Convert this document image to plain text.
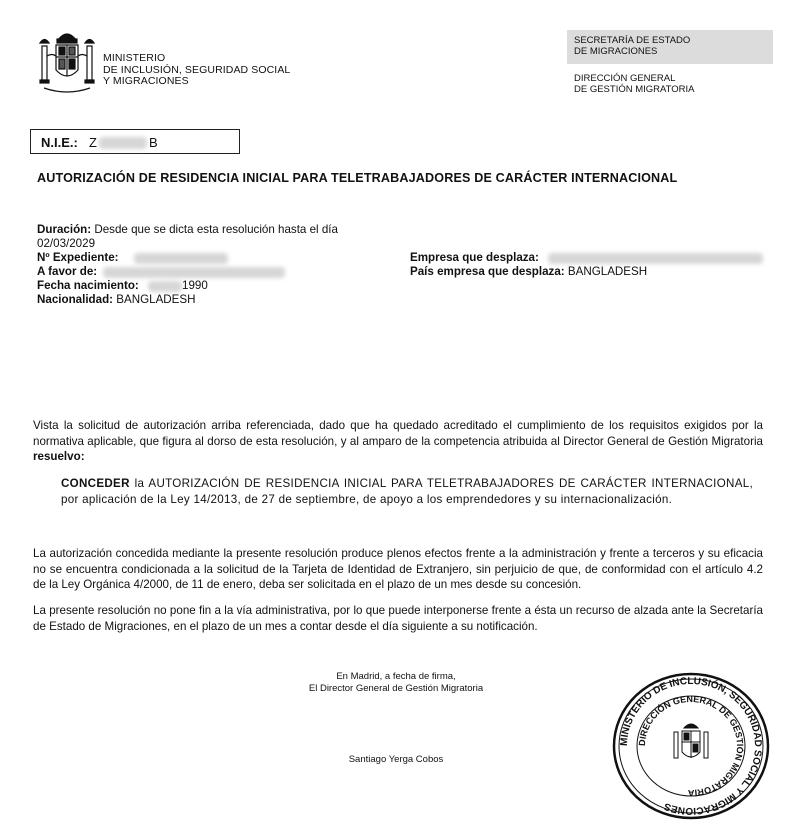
MINISTERIO
DE INCLUSIÓN, SEGURIDAD SOCIAL
Y MIGRACIONES
SECRETARÍA DE ESTADO
DE MIGRACIONES
DIRECCIÓN GENERAL
DE GESTIÓN MIGRATORIA
N.I.E.: Z	B
AUTORIZACIÓN DE RESIDENCIA INICIAL PARA TELETRABAJADORES DE CARÁCTER INTERNACIONAL
Duración: Desde que se dicta esta resolución hasta el día
02/03/2029
Nº Expediente:
A favor de:
Fecha nacimiento:	1990
Nacionalidad: BANGLADESH
Empresa que desplaza:
País empresa que desplaza: BANGLADESH
Vista la solicitud de autorización arriba referenciada, dado que ha quedado acreditado el cumplimiento de los requisitos exigidos por la normativa aplicable, que figura al dorso de esta resolución, y al amparo de la competencia atribuida al Director General de Gestión Migratoria resuelvo:
CONCEDER la AUTORIZACIÓN DE RESIDENCIA INICIAL PARA TELETRABAJADORES DE CARÁCTER INTERNACIONAL, por aplicación de la Ley 14/2013, de 27 de septiembre, de apoyo a los emprendedores y su internacionalización.
La autorización concedida mediante la presente resolución produce plenos efectos frente a la administración y frente a terceros y su eficacia no se encuentra condicionada a la solicitud de la Tarjeta de Identidad de Extranjero, sin perjuicio de que, de conformidad con el artículo 4.2 de la Ley Orgánica 4/2000, de 11 de enero, deba ser solicitada en el plazo de un mes desde su concesión.
La presente resolución no pone fin a la vía administrativa, por lo que puede interponerse frente a ésta un recurso de alzada ante la Secretaría de Estado de Migraciones, en el plazo de un mes a contar desde el día siguiente a su notificación.
En Madrid, a fecha de firma,
El Director General de Gestión Migratoria
Santiago Yerga Cobos
MINISTERIO DE INCLUSIÓN, SEGURIDAD SOCIAL Y MIGRACIONES
DIRECCIÓN GENERAL DE GESTIÓN MIGRATORIA
